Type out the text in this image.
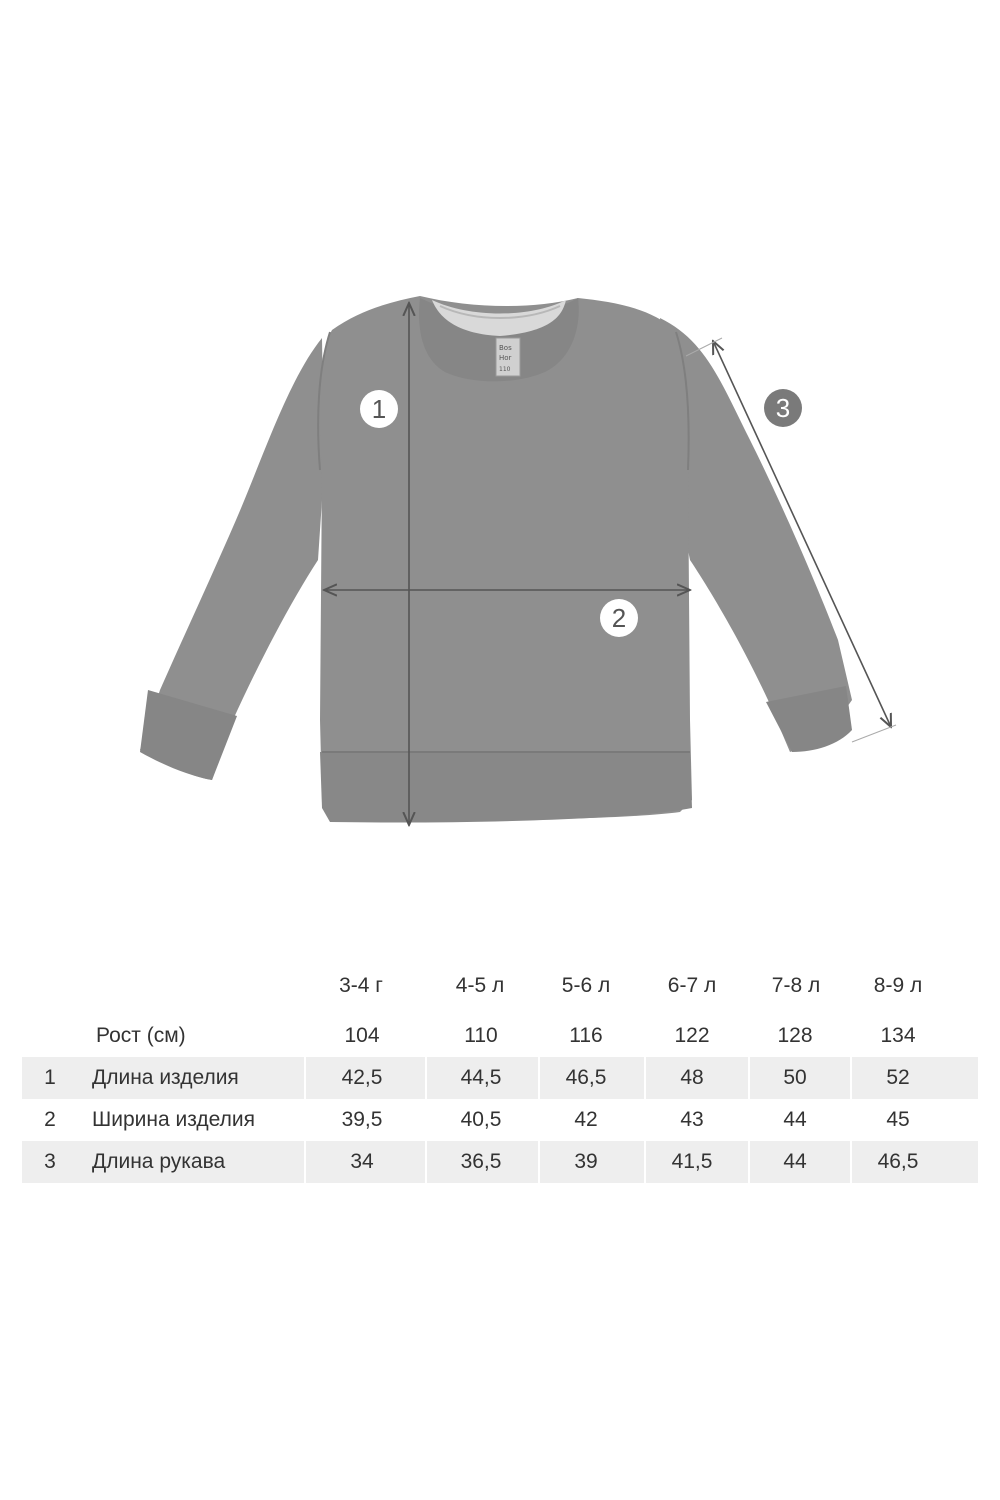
Bos
Hor
110
1
2
3
3-4 г	4-5 л	5-6 л	6-7 л	7-8 л	8-9 л
Рост (см)	104	110	116	122	128	134
1 Длина изделия	42,5	44,5	46,5	48	50	52
2 Ширина изделия	39,5	40,5	42	43	44	45
3 Длина рукава	34	36,5	39	41,5	44	46,5
